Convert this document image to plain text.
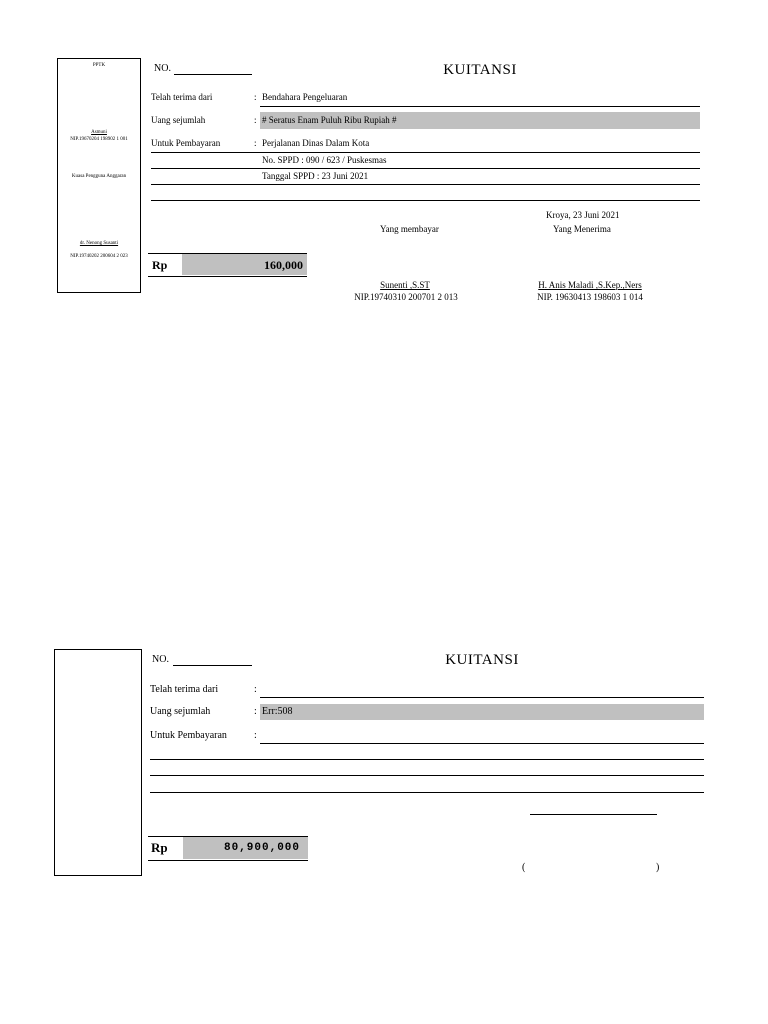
PPTK
Asmuni
NIP.19670204 198902 1 001
Kuasa Pengguna Anggaran
dr. Nenong Susanti
NIP.19740202 200604 2 023
NO.	KUITANSI
Telah terima dari	: Bendahara Pengeluaran
Uang sejumlah	: # Seratus Enam Puluh Ribu Rupiah #
Untuk Pembayaran	: Perjalanan Dinas Dalam Kota
No. SPPD : 090 / 623 / Puskesmas
Tanggal SPPD : 23 Juni 2021
Kroya, 23 Juni 2021
Yang membayar	Yang Menerima
Rp	160,000
Sunenti ,S.ST
NIP.19740310 200701 2 013
H. Anis Maladi ,S.Kep.,Ners
NIP. 19630413 198603 1 014
NO.	KUITANSI
Telah terima dari	:
Uang sejumlah	: Err:508
Untuk Pembayaran	:
Rp	80,900,000
(	)
